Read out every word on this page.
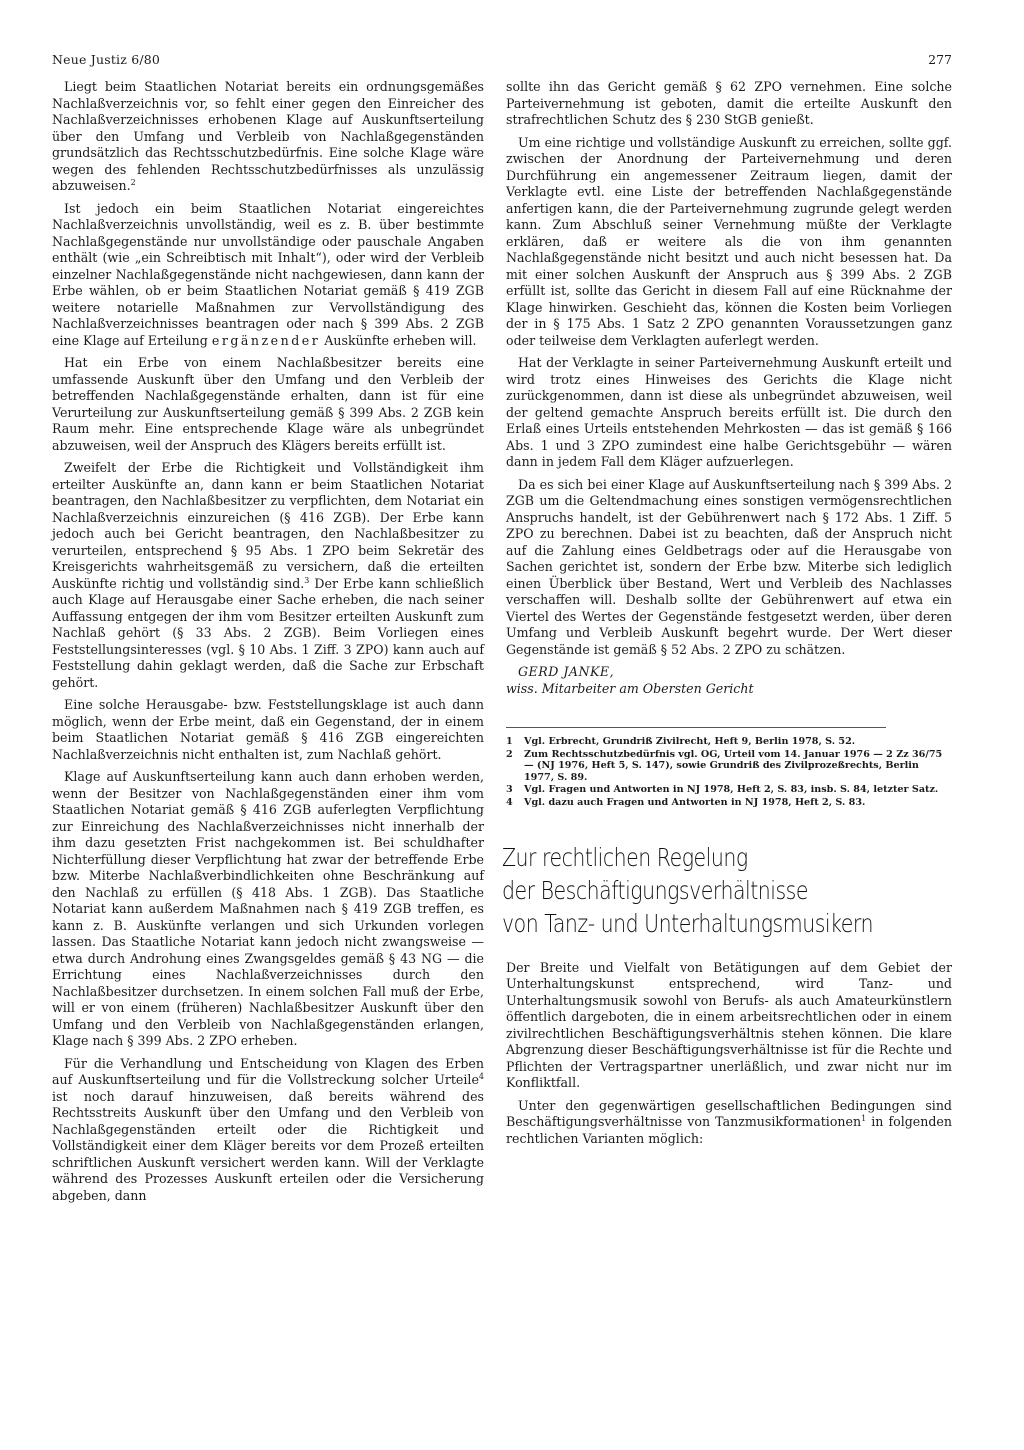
Neue Justiz 6/80	277

Liegt beim Staatlichen Notariat bereits ein ordnungsgemäßes Nachlaßverzeichnis vor, so fehlt einer gegen den Einreicher des Nachlaßverzeichnisses erhobenen Klage auf Auskunftserteilung über den Umfang und Verbleib von Nachlaßgegenständen grundsätzlich das Rechtsschutzbedürfnis. Eine solche Klage wäre wegen des fehlenden Rechtsschutzbedürfnisses als unzulässig abzuweisen.$^2$

Ist jedoch ein beim Staatlichen Notariat eingereichtes Nachlaßverzeichnis unvollständig, weil es z. B. über bestimmte Nachlaßgegenstände nur unvollständige oder pauschale Angaben enthält (wie „ein Schreibtisch mit Inhalt“), oder wird der Verbleib einzelner Nachlaßgegenstände nicht nachgewiesen, dann kann der Erbe wählen, ob er beim Staatlichen Notariat gemäß § 419 ZGB weitere notarielle Maßnahmen zur Vervollständigung des Nachlaßverzeichnisses beantragen oder nach § 399 Abs. 2 ZGB eine Klage auf Erteilung ergänzender Auskünfte erheben will.

Hat ein Erbe von einem Nachlaßbesitzer bereits eine umfassende Auskunft über den Umfang und den Verbleib der betreffenden Nachlaßgegenstände erhalten, dann ist für eine Verurteilung zur Auskunftserteilung gemäß § 399 Abs. 2 ZGB kein Raum mehr. Eine entsprechende Klage wäre als unbegründet abzuweisen, weil der Anspruch des Klägers bereits erfüllt ist.

Zweifelt der Erbe die Richtigkeit und Vollständigkeit ihm erteilter Auskünfte an, dann kann er beim Staatlichen Notariat beantragen, den Nachlaßbesitzer zu verpflichten, dem Notariat ein Nachlaßverzeichnis einzureichen (§ 416 ZGB). Der Erbe kann jedoch auch bei Gericht beantragen, den Nachlaßbesitzer zu verurteilen, entsprechend § 95 Abs. 1 ZPO beim Sekretär des Kreisgerichts wahrheitsgemäß zu versichern, daß die erteilten Auskünfte richtig und vollständig sind.$^3$ Der Erbe kann schließlich auch Klage auf Herausgabe einer Sache erheben, die nach seiner Auffassung entgegen der ihm vom Besitzer erteilten Auskunft zum Nachlaß gehört (§ 33 Abs. 2 ZGB). Beim Vorliegen eines Feststellungsinteresses (vgl. § 10 Abs. 1 Ziff. 3 ZPO) kann auch auf Feststellung dahin geklagt werden, daß die Sache zur Erbschaft gehört.

Eine solche Herausgabe- bzw. Feststellungsklage ist auch dann möglich, wenn der Erbe meint, daß ein Gegenstand, der in einem beim Staatlichen Notariat gemäß § 416 ZGB eingereichten Nachlaßverzeichnis nicht enthalten ist, zum Nachlaß gehört.

Klage auf Auskunftserteilung kann auch dann erhoben werden, wenn der Besitzer von Nachlaßgegenständen einer ihm vom Staatlichen Notariat gemäß § 416 ZGB auferlegten Verpflichtung zur Einreichung des Nachlaßverzeichnisses nicht innerhalb der ihm dazu gesetzten Frist nachgekommen ist. Bei schuldhafter Nichterfüllung dieser Verpflichtung hat zwar der betreffende Erbe bzw. Miterbe Nachlaßverbindlichkeiten ohne Beschränkung auf den Nachlaß zu erfüllen (§ 418 Abs. 1 ZGB). Das Staatliche Notariat kann außerdem Maßnahmen nach § 419 ZGB treffen, es kann z. B. Auskünfte verlangen und sich Urkunden vorlegen lassen. Das Staatliche Notariat kann jedoch nicht zwangsweise — etwa durch Androhung eines Zwangsgeldes gemäß § 43 NG — die Errichtung eines Nachlaßverzeichnisses durch den Nachlaßbesitzer durchsetzen. In einem solchen Fall muß der Erbe, will er von einem (früheren) Nachlaßbesitzer Auskunft über den Umfang und den Verbleib von Nachlaßgegenständen erlangen, Klage nach § 399 Abs. 2 ZPO erheben.

Für die Verhandlung und Entscheidung von Klagen des Erben auf Auskunftserteilung und für die Vollstreckung solcher Urteile$^4$ ist noch darauf hinzuweisen, daß bereits während des Rechtsstreits Auskunft über den Umfang und den Verbleib von Nachlaßgegenständen erteilt oder die Richtigkeit und Vollständigkeit einer dem Kläger bereits vor dem Prozeß erteilten schriftlichen Auskunft versichert werden kann. Will der Verklagte während des Prozesses Auskunft erteilen oder die Versicherung abgeben, dann

sollte ihn das Gericht gemäß § 62 ZPO vernehmen. Eine solche Parteivernehmung ist geboten, damit die erteilte Auskunft den strafrechtlichen Schutz des § 230 StGB genießt.

Um eine richtige und vollständige Auskunft zu erreichen, sollte ggf. zwischen der Anordnung der Parteivernehmung und deren Durchführung ein angemessener Zeitraum liegen, damit der Verklagte evtl. eine Liste der betreffenden Nachlaßgegenstände anfertigen kann, die der Parteivernehmung zugrunde gelegt werden kann. Zum Abschluß seiner Vernehmung müßte der Verklagte erklären, daß er weitere als die von ihm genannten Nachlaßgegenstände nicht besitzt und auch nicht besessen hat. Da mit einer solchen Auskunft der Anspruch aus § 399 Abs. 2 ZGB erfüllt ist, sollte das Gericht in diesem Fall auf eine Rücknahme der Klage hinwirken. Geschieht das, können die Kosten beim Vorliegen der in § 175 Abs. 1 Satz 2 ZPO genannten Voraussetzungen ganz oder teilweise dem Verklagten auferlegt werden.

Hat der Verklagte in seiner Parteivernehmung Auskunft erteilt und wird trotz eines Hinweises des Gerichts die Klage nicht zurückgenommen, dann ist diese als unbegründet abzuweisen, weil der geltend gemachte Anspruch bereits erfüllt ist. Die durch den Erlaß eines Urteils entstehenden Mehrkosten — das ist gemäß § 166 Abs. 1 und 3 ZPO zumindest eine halbe Gerichtsgebühr — wären dann in jedem Fall dem Kläger aufzuerlegen.

Da es sich bei einer Klage auf Auskunftserteilung nach § 399 Abs. 2 ZGB um die Geltendmachung eines sonstigen vermögensrechtlichen Anspruchs handelt, ist der Gebührenwert nach § 172 Abs. 1 Ziff. 5 ZPO zu berechnen. Dabei ist zu beachten, daß der Anspruch nicht auf die Zahlung eines Geldbetrags oder auf die Herausgabe von Sachen gerichtet ist, sondern der Erbe bzw. Miterbe sich lediglich einen Überblick über Bestand, Wert und Verbleib des Nachlasses verschaffen will. Deshalb sollte der Gebührenwert auf etwa ein Viertel des Wertes der Gegenstände festgesetzt werden, über deren Umfang und Verbleib Auskunft begehrt wurde. Der Wert dieser Gegenstände ist gemäß § 52 Abs. 2 ZPO zu schätzen.

GERD JANKE,
wiss. Mitarbeiter am Obersten Gericht

1	Vgl. Erbrecht, Grundriß Zivilrecht, Heft 9, Berlin 1978, S. 52.
2	Zum Rechtsschutzbedürfnis vgl. OG, Urteil vom 14. Januar 1976 — 2 Zz 36/75 — (NJ 1976, Heft 5, S. 147), sowie Grundriß des Zivilprozeßrechts, Berlin 1977, S. 89.
3	Vgl. Fragen und Antworten in NJ 1978, Heft 2, S. 83, insb. S. 84, letzter Satz.
4	Vgl. dazu auch Fragen und Antworten in NJ 1978, Heft 2, S. 83.
Zur rechtlichen Regelung
der Beschäftigungsverhältnisse
von Tanz- und Unterhaltungsmusikern

Der Breite und Vielfalt von Betätigungen auf dem Gebiet der Unterhaltungskunst entsprechend, wird Tanz- und Unterhaltungsmusik sowohl von Berufs- als auch Amateurkünstlern öffentlich dargeboten, die in einem arbeitsrechtlichen oder in einem zivilrechtlichen Beschäftigungsverhältnis stehen können. Die klare Abgrenzung dieser Beschäftigungsverhältnisse ist für die Rechte und Pflichten der Vertragspartner unerläßlich, und zwar nicht nur im Konfliktfall.

Unter den gegenwärtigen gesellschaftlichen Bedingungen sind Beschäftigungsverhältnisse von Tanzmusikformationen$^1$ in folgenden rechtlichen Varianten möglich:
